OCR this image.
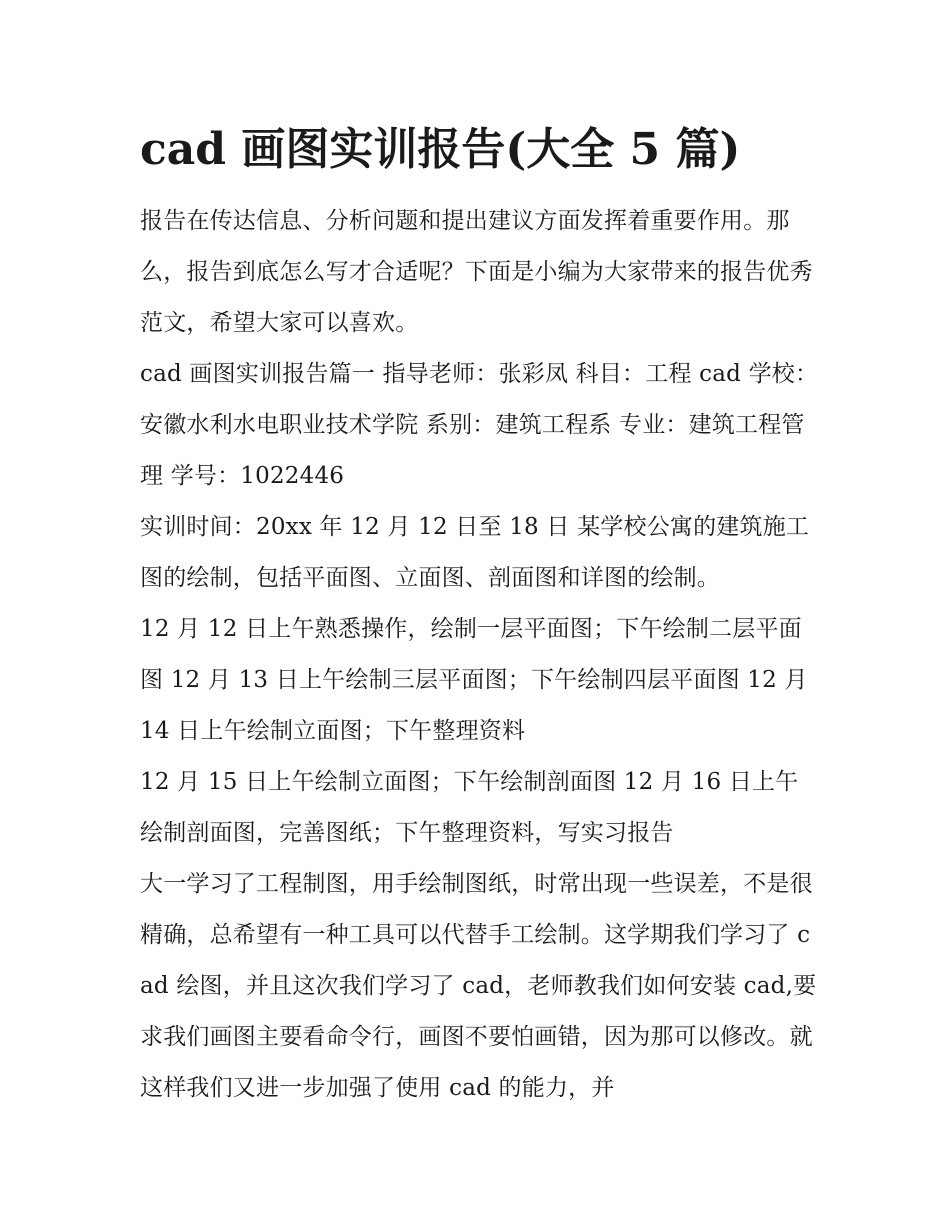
cad 画图实训报告(大全 5 篇)

报告在传达信息、分析问题和提出建议方面发挥着重要作用。那么，报告到底怎么写才合适呢？下面是小编为大家带来的报告优秀范文，希望大家可以喜欢。

cad 画图实训报告篇一 指导老师：张彩凤 科目：工程 cad 学校：安徽水利水电职业技术学院 系别：建筑工程系 专业：建筑工程管理 学号：1022446

实训时间：20xx 年 12 月 12 日至 18 日 某学校公寓的建筑施工图的绘制，包括平面图、立面图、剖面图和详图的绘制。

12 月 12 日上午熟悉操作，绘制一层平面图；下午绘制二层平面图 12 月 13 日上午绘制三层平面图；下午绘制四层平面图 12 月 14 日上午绘制立面图；下午整理资料

12 月 15 日上午绘制立面图；下午绘制剖面图 12 月 16 日上午绘制剖面图，完善图纸；下午整理资料，写实习报告

大一学习了工程制图，用手绘制图纸，时常出现一些误差，不是很精确，总希望有一种工具可以代替手工绘制。这学期我们学习了 cad 绘图，并且这次我们学习了 cad，老师教我们如何安装 cad,要求我们画图主要看命令行，画图不要怕画错，因为那可以修改。就这样我们又进一步加强了使用 cad 的能力，并
